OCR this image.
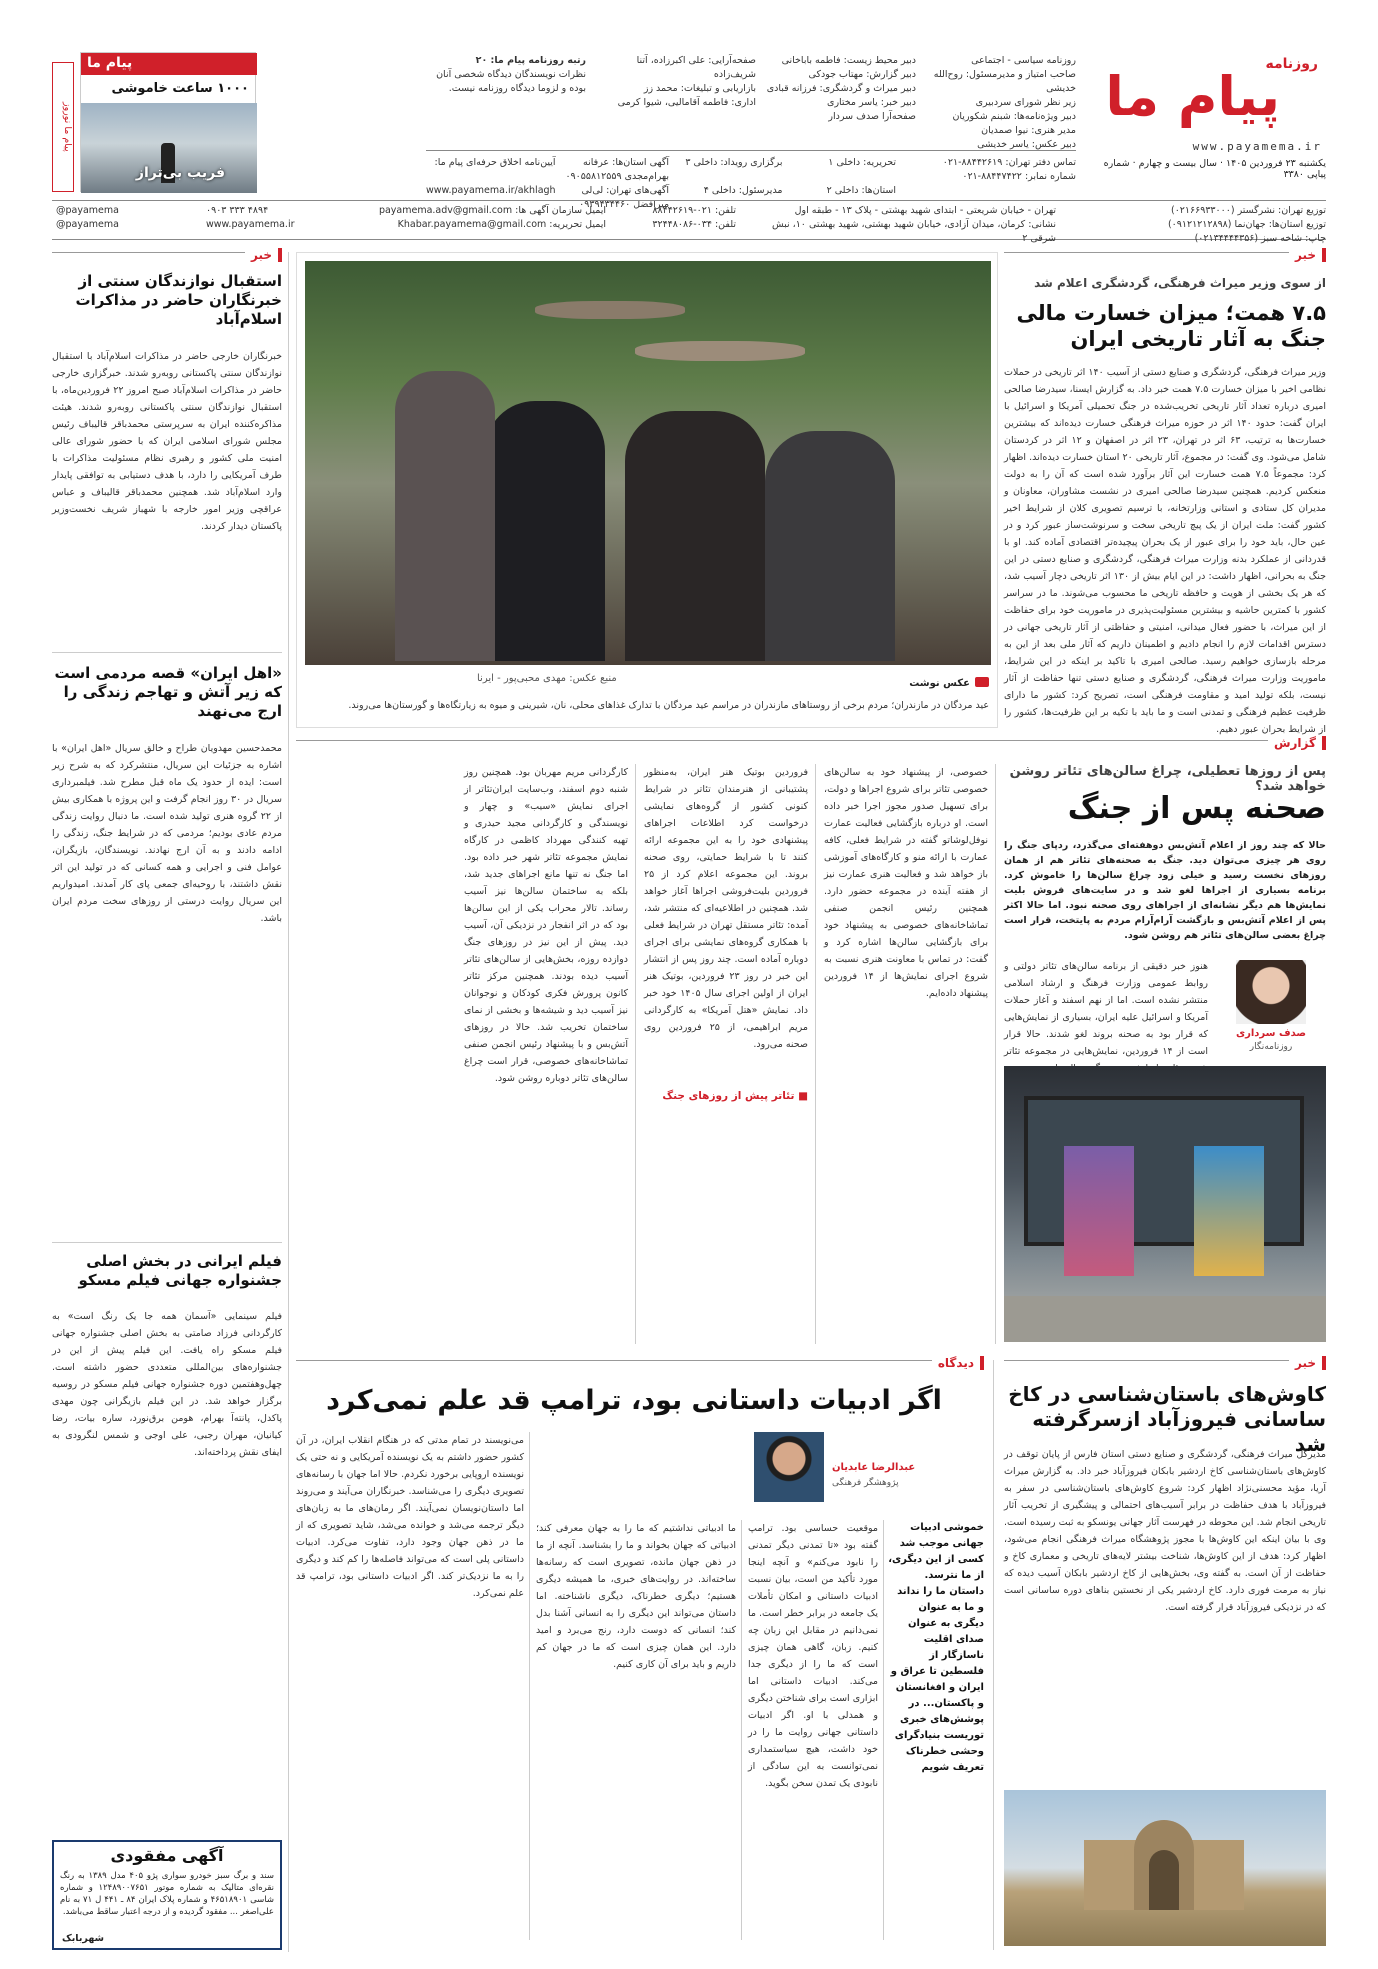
روزنامه
پیام ما
www.payamema.ir
یکشنبه ۲۳ فروردین ۱۴۰۵ · سال بیست و چهارم · شماره پیاپی ۳۳۸۰
روزنامه سیاسی - اجتماعی
صاحب امتیاز و مدیرمسئول: روح‌الله خدیشی
زیر نظر شورای سردبیری
دبیر ویژه‌نامه‌ها: شبنم شکوریان
مدیر هنری: نیوا صمدیان
دبیر عکس: یاسر خدیشی
دبیر محیط زیست: فاطمه باباخانی
دبیر گزارش: مهتاب جودکی
دبیر میراث و گردشگری: فرزانه قبادی
دبیر خبر: یاسر مختاری
صفحه‌آرا صدف سردار
صفحه‌آرایی: علی اکبرزاده، آتنا شریف‌زاده
بازاریابی و تبلیغات: محمد زز
اداری: فاطمه آقامالیی، شیوا کرمی
رتبه روزنامه پیام ما: ۲۰
نظرات نویسندگان دیدگاه شخصی آنان بوده و لزوما دیدگاه روزنامه نیست.
تماس دفتر تهران: ۸۸۴۴۲۶۱۹-۰۲۱
شماره نمابر: ۸۸۴۴۷۴۲۲-۰۲۱
تحریریه: داخلی ۱
برگزاری رویداد: داخلی ۳
آگهی استان‌ها: عرفانه بهرام‌مجدی ۰۹۰۵۵۸۱۲۵۵۹
آیین‌نامه اخلاق حرفه‌ای پیام ما:
استان‌ها: داخلی ۲
مدیرسئول: داخلی ۴
آگهی‌های تهران: لی‌لی میرافضل ۰۹۳۹۴۳۴۴۶۰
www.payamema.ir/akhlagh
پیام ما
۱۰۰۰ ساعت خاموشی
فریب بی‌تراز
پیام ما نوروز
توزیع تهران: نشرگستر (۰۲۱۶۶۹۳۳۰۰۰)
توزیع استان‌ها: جهان‌نما (۰۹۱۲۱۲۱۲۸۹۸)
چاپ: شاخه سبز (۰۲۱۳۴۴۴۴۳۵۶)
تهران - خیابان شریعتی - ابتدای شهید بهشتی - پلاک ۱۳ - طبقه اول
نشانی: کرمان، میدان آزادی، خیابان شهید بهشتی، شهید بهشتی ۱۰، نبش شرقی ۲
تلفن: ۰۲۱-۸۸۴۴۲۶۱۹
تلفن: ۰۳۴-۳۲۴۴۸۰۸۶
ایمیل سازمان آگهی ها: payamema.adv@gmail.com
ایمیل تحریریه: Khabar.payamema@gmail.com
@payamema	۰۹۰۳ ۳۳۳ ۴۸۹۴
@payamema	www.payamema.ir
خبر
از سوی وزیر میراث فرهنگی، گردشگری اعلام شد
۷.۵ همت؛ میزان خسارت مالی جنگ به آثار تاریخی ایران
وزیر میراث فرهنگی، گردشگری و صنایع دستی از آسیب ۱۴۰ اثر تاریخی در حملات نظامی اخیر با میزان خسارت ۷.۵ همت خبر داد. به گزارش ایسنا، سیدرضا صالحی امیری درباره تعداد آثار تاریخی تخریب‌شده در جنگ تحمیلی آمریکا و اسرائیل با ایران گفت: حدود ۱۴۰ اثر در حوزه میراث فرهنگی خسارت دیده‌اند که بیشترین خسارت‌ها به ترتیب، ۶۳ اثر در تهران، ۲۳ اثر در اصفهان و ۱۲ اثر در کردستان شامل می‌شود. وی گفت: در مجموع، آثار تاریخی ۲۰ استان خسارت دیده‌اند. اظهار کرد: مجموعاً ۷.۵ همت خسارت این آثار برآورد شده است که آن را به دولت منعکس کردیم. همچنین سیدرضا صالحی امیری در نشست مشاوران، معاونان و مدیران کل ستادی و استانی وزارتخانه، با ترسیم تصویری کلان از شرایط اخیر کشور گفت: ملت ایران از یک پیچ تاریخی سخت و سرنوشت‌ساز عبور کرد و در عین حال، باید خود را برای عبور از یک بحران پیچیده‌تر اقتصادی آماده کند. او با قدردانی از عملکرد بدنه وزارت میراث فرهنگی، گردشگری و صنایع دستی در این جنگ به بحرانی، اظهار داشت: در این ایام بیش از ۱۳۰ اثر تاریخی دچار آسیب شد، که هر یک بخشی از هویت و حافظه تاریخی ما محسوب می‌شوند. ما در سراسر کشور با کمترین حاشیه و بیشترین مسئولیت‌پذیری در ماموریت خود برای حفاظت از این میراث، با حضور فعال میدانی، امنیتی و حفاظتی از آثار تاریخی جهانی در دسترس اقدامات لازم را انجام دادیم و اطمینان داریم که آثار ملی بعد از این به مرحله بازسازی خواهیم رسید. صالحی امیری با تاکید بر اینکه در این شرایط، ماموریت وزارت میراث فرهنگی، گردشگری و صنایع دستی تنها حفاظت از آثار نیست، بلکه تولید امید و مقاومت فرهنگی است، تصریح کرد: کشور ما دارای ظرفیت عظیم فرهنگی و تمدنی است و ما باید با تکیه بر این ظرفیت‌ها، کشور را از شرایط بحران عبور دهیم.
عکس نوشت
منبع عکس: مهدی محبی‌پور - ایرنا
عید مردگان در مازندران؛ مردم برخی از روستاهای مازندران در مراسم عید مردگان با تدارک غذاهای محلی، نان، شیرینی و میوه به زیارتگاه‌ها و گورستان‌ها می‌روند.
خبر
استقبال نوازندگان سنتی از خبرنگاران حاضر در مذاکرات اسلام‌آباد
خبرنگاران خارجی حاضر در مذاکرات اسلام‌آباد با استقبال نوازندگان سنتی پاکستانی روبه‌رو شدند. خبرگزاری خارجی حاضر در مذاکرات اسلام‌آباد صبح امروز ۲۲ فروردین‌ماه، با استقبال نوازندگان سنتی پاکستانی روبه‌رو شدند. هیئت مذاکره‌کننده ایران به سرپرستی محمدباقر قالیباف رئیس مجلس شورای اسلامی ایران که با حضور شورای عالی امنیت ملی کشور و رهبری نظام مسئولیت مذاکرات با طرف آمریکایی را دارد، با هدف دستیابی به توافقی پایدار وارد اسلام‌آباد شد. همچنین محمدباقر قالیباف و عباس عراقچی وزیر امور خارجه با شهباز شریف نخست‌وزیر پاکستان دیدار کردند.
«اهل ایران» قصه مردمی است که زیر آتش و تهاجم زندگی را ارج می‌نهند
محمدحسین مهدویان طراح و خالق سریال «اهل ایران» با اشاره به جزئیات این سریال، منتشرکرد که به شرح زیر است: ایده از حدود یک ماه قبل مطرح شد. فیلمبرداری سریال در ۳۰ روز انجام گرفت و این پروژه با همکاری بیش از ۲۲ گروه هنری تولید شده است. ما دنبال روایت زندگی مردم عادی بودیم؛ مردمی که در شرایط جنگ، زندگی را ادامه دادند و به آن ارج نهادند. نویسندگان، بازیگران، عوامل فنی و اجرایی و همه کسانی که در تولید این اثر نقش داشتند، با روحیه‌ای جمعی پای کار آمدند. امیدواریم این سریال روایت درستی از روزهای سخت مردم ایران باشد.
فیلم ایرانی در بخش اصلی جشنواره جهانی فیلم مسکو
فیلم سینمایی «آسمان همه جا یک رنگ است» به کارگردانی فرزاد صامتی به بخش اصلی جشنواره جهانی فیلم مسکو راه یافت. این فیلم پیش از این در جشنواره‌های بین‌المللی متعددی حضور داشته است. چهل‌وهفتمین دوره جشنواره جهانی فیلم مسکو در روسیه برگزار خواهد شد. در این فیلم بازیگرانی چون مهدی پاکدل، پانته‌آ بهرام، هومن برق‌نورد، ساره بیات، رضا کیانیان، مهران رجبی، علی اوجی و شمس لنگرودی به ایفای نقش پرداخته‌اند.
آگهی مفقودی
سند و برگ سبز خودرو سواری پژو ۴۰۵ مدل ۱۳۸۹ به رنگ نقره‌ای متالیک به شماره موتور ۱۲۴۸۹۰۰۷۶۵۱ و شماره شاسی ۴۶۵۱۸۹۰۱ و شماره پلاک ایران ۸۴ ـ ۴۴۱ ل ۷۱ به نام علی‌اصغر ... مفقود گردیده و از درجه اعتبار ساقط می‌باشد.
شهربابک
گزارش
پس از روزها تعطیلی، چراغ سالن‌های تئاتر روشن خواهد شد؟
صحنه پس از جنگ
حالا که چند روز از اعلام آتش‌بس دوهفته‌ای می‌گذرد، ردپای جنگ را روی هر چیزی می‌توان دید. جنگ به صحنه‌های تئاتر هم از همان روزهای نخست رسید و خیلی زود چراغ سالن‌ها را خاموش کرد. برنامه بسیاری از اجراها لغو شد و در سایت‌های فروش بلیت نمایش‌ها هم دیگر نشانه‌ای از اجراهای روی صحنه نبود. اما حالا اکثر پس از اعلام آتش‌بس و بازگشت آرام‌آرام مردم به پایتخت، قرار است چراغ بعضی سالن‌های تئاتر هم روشن شود.
صدف سرداری
روزنامه‌نگار
هنوز خبر دقیقی از برنامه سالن‌های تئاتر دولتی و روابط عمومی وزارت فرهنگ و ارشاد اسلامی منتشر نشده است. اما از نهم اسفند و آغاز حملات آمریکا و اسرائیل علیه ایران، بسیاری از نمایش‌هایی که قرار بود به صحنه بروند لغو شدند. حالا قرار است از ۱۴ فروردین، نمایش‌هایی در مجموعه تئاتر
خصوصی، از پیشنهاد خود به سالن‌های خصوصی تئاتر برای شروع اجراها و دولت، برای تسهیل صدور مجوز اجرا خبر داده است. او درباره بازگشایی فعالیت عمارت نوفل‌لوشاتو گفته در شرایط فعلی، کافه عمارت با ارائه منو و کارگاه‌های آموزشی باز خواهد شد و فعالیت هنری عمارت نیز از هفته آینده در مجموعه حضور دارد. همچنین رئیس انجمن صنفی تماشاخانه‌های خصوصی به پیشنهاد خود برای بازگشایی سالن‌ها اشاره کرد و گفت: در تماس با معاونت هنری نسبت به شروع اجرای نمایش‌ها از ۱۴ فروردین پیشنهاد داده‌ایم.
■ تئاتر پیش از روزهای جنگ
فروردین بوتیک هنر ایران، به‌منظور پشتیبانی از هنرمندان تئاتر در شرایط کنونی کشور از گروه‌های نمایشی درخواست کرد اطلاعات اجراهای پیشنهادی خود را به این مجموعه ارائه کنند تا با شرایط حمایتی، روی صحنه بروند. این مجموعه اعلام کرد از ۲۵ فروردین بلیت‌فروشی اجراها آغاز خواهد شد. همچنین در اطلاعیه‌ای که منتشر شد، آمده: تئاتر مستقل تهران در شرایط فعلی با همکاری گروه‌های نمایشی برای اجرای دوباره آماده است. چند روز پس از انتشار این خبر در روز ۲۳ فروردین، بوتیک هنر ایران از اولین اجرای سال ۱۴۰۵ خود خبر داد. نمایش «هتل آمریکا» به کارگردانی مریم ابراهیمی، از ۲۵ فروردین روی صحنه می‌رود.
کارگردانی مریم مهربان بود. همچنین روز شنبه دوم اسفند، وب‌سایت ایران‌تئاتر از اجرای نمایش «سیب» و چهار و نویسندگی و کارگردانی مجید حیدری و تهیه کنندگی مهرداد کاظمی در کارگاه نمایش مجموعه تئاتر شهر خبر داده بود. اما جنگ نه تنها مانع اجراهای جدید شد، بلکه به ساختمان سالن‌ها نیز آسیب رساند. تالار محراب یکی از این سالن‌ها بود که در اثر انفجار در نزدیکی آن، آسیب دید. پیش از این نیز در روزهای جنگ دوازده روزه، بخش‌هایی از سالن‌های تئاتر آسیب دیده بودند. همچنین مرکز تئاتر کانون پرورش فکری کودکان و نوجوانان نیز آسیب دید و شیشه‌ها و بخشی از نمای ساختمان تخریب شد. حالا در روزهای آتش‌بس و با پیشنهاد رئیس انجمن صنفی تماشاخانه‌های خصوصی، قرار است چراغ سالن‌های تئاتر دوباره روشن شود.
خبر
کاوش‌های باستان‌شناسی در کاخ ساسانی فیروزآباد ازسرگرفته شد
مدیرکل میراث فرهنگی، گردشگری و صنایع دستی استان فارس از پایان توقف در کاوش‌های باستان‌شناسی کاخ اردشیر بابکان فیروزآباد خبر داد. به گزارش میراث آریا، مؤید محسنی‌نژاد اظهار کرد: شروع کاوش‌های باستان‌شناسی در سفر به فیروزآباد با هدف حفاظت در برابر آسیب‌های احتمالی و پیشگیری از تخریب آثار تاریخی انجام شد. این محوطه در فهرست آثار جهانی یونسکو به ثبت رسیده است. وی با بیان اینکه این کاوش‌ها با مجوز پژوهشگاه میراث فرهنگی انجام می‌شود، اظهار کرد: هدف از این کاوش‌ها، شناخت بیشتر لایه‌های تاریخی و معماری کاخ و حفاظت از آن است. به گفته وی، بخش‌هایی از کاخ اردشیر بابکان آسیب دیده که نیاز به مرمت فوری دارد. کاخ اردشیر یکی از نخستین بناهای دوره ساسانی است که در نزدیکی فیروزآباد قرار گرفته است.
دیدگاه
اگر ادبیات داستانی بود، ترامپ قد علم نمی‌کرد
عبدالرضا عابدیان
پژوهشگر فرهنگی
خموشی ادبیات جهانی موجب شد کسی از این دیگری، از ما نترسد. داستان ما را نداند و ما به عنوان دیگری به عنوان صدای اقلیت ناسازگار از فلسطین تا عراق و ایران و افغانستان و پاکستان... در پوشش‌های خبری توریست بنیادگرای وحشی خطرناک تعریف شویم
موقعیت حساسی بود. ترامپ گفته بود «تا تمدنی دیگر تمدنی را نابود می‌کنم» و آنچه اینجا مورد تأکید من است، بیان نسبت ادبیات داستانی و امکان تأملات یک جامعه در برابر خطر است. ما نمی‌دانیم در مقابل این زبان چه کنیم. زبان، گاهی همان چیزی است که ما را از دیگری جدا می‌کند. ادبیات داستانی اما ابزاری است برای شناختن دیگری و همدلی با او. اگر ادبیات داستانی جهانی روایت ما را در خود داشت، هیچ سیاستمداری نمی‌توانست به این سادگی از نابودی یک تمدن سخن بگوید.
ما ادبیاتی نداشتیم که ما را به جهان معرفی کند؛ ادبیاتی که جهان بخواند و ما را بشناسد. آنچه از ما در ذهن جهان مانده، تصویری است که رسانه‌ها ساخته‌اند. در روایت‌های خبری، ما همیشه دیگری هستیم؛ دیگری خطرناک، دیگری ناشناخته. اما داستان می‌تواند این دیگری را به انسانی آشنا بدل کند؛ انسانی که دوست دارد، رنج می‌برد و امید دارد. این همان چیزی است که ما در جهان کم داریم و باید برای آن کاری کنیم.
می‌نویسند در تمام مدتی که در هنگام انقلاب ایران، در آن کشور حضور داشتم به یک نویسنده آمریکایی و نه حتی یک نویسنده اروپایی برخورد نکردم. حالا اما جهان با رسانه‌های تصویری دیگری را می‌شناسد. خبرنگاران می‌آیند و می‌روند اما داستان‌نویسان نمی‌آیند. اگر رمان‌های ما به زبان‌های دیگر ترجمه می‌شد و خوانده می‌شد، شاید تصویری که از ما در ذهن جهان وجود دارد، تفاوت می‌کرد. ادبیات داستانی پلی است که می‌تواند فاصله‌ها را کم کند و دیگری را به ما نزدیک‌تر کند. اگر ادبیات داستانی بود، ترامپ قد علم نمی‌کرد.
